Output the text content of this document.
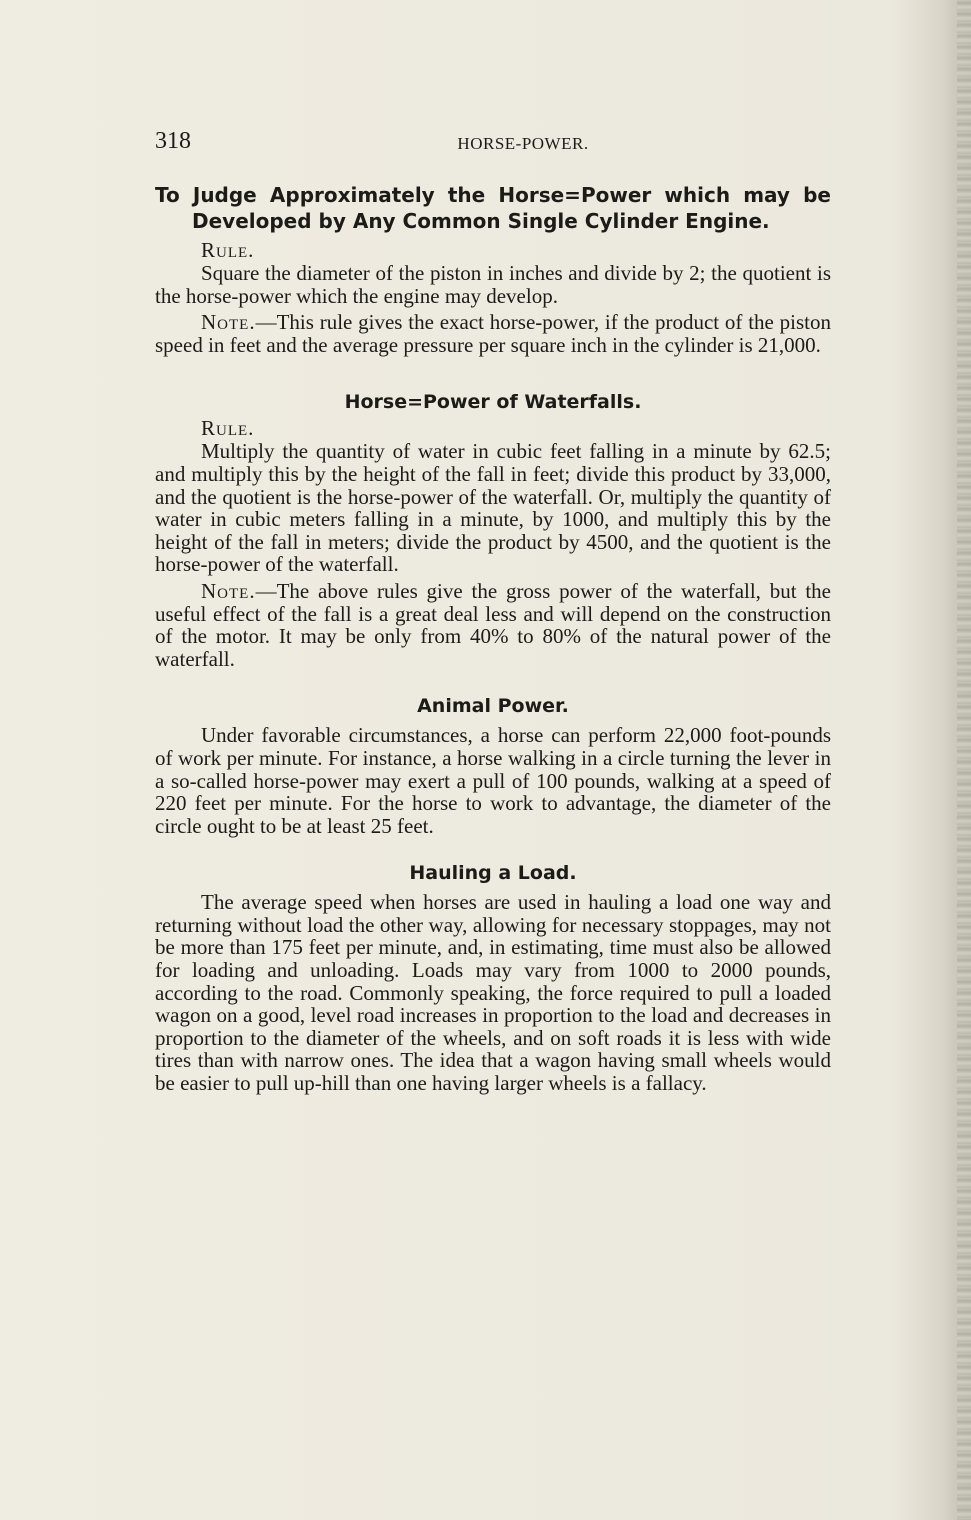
318	HORSE-POWER.
To Judge Approximately the Horse=Power which may be
Developed by Any Common Single Cylinder Engine.
Rule.

Square the diameter of the piston in inches and divide by 2; the quotient is the horse-power which the engine may develop.

Note.—This rule gives the exact horse-power, if the product of the piston speed in feet and the average pressure per square inch in the cylinder is 21,000.

Horse=Power of Waterfalls.
Rule.

Multiply the quantity of water in cubic feet falling in a minute by 62.5; and multiply this by the height of the fall in feet; divide this product by 33,000, and the quotient is the horse-power of the waterfall. Or, multiply the quantity of water in cubic meters falling in a minute, by 1000, and multiply this by the height of the fall in meters; divide the product by 4500, and the quotient is the horse-power of the waterfall.

Note.—The above rules give the gross power of the waterfall, but the useful effect of the fall is a great deal less and will depend on the construction of the motor. It may be only from 40% to 80% of the natural power of the waterfall.

Animal Power.

Under favorable circumstances, a horse can perform 22,000 foot-pounds of work per minute. For instance, a horse walking in a circle turning the lever in a so-called horse-power may exert a pull of 100 pounds, walking at a speed of 220 feet per minute. For the horse to work to advantage, the diameter of the circle ought to be at least 25 feet.

Hauling a Load.

The average speed when horses are used in hauling a load one way and returning without load the other way, allowing for necessary stoppages, may not be more than 175 feet per minute, and, in estimating, time must also be allowed for loading and unloading. Loads may vary from 1000 to 2000 pounds, according to the road. Commonly speaking, the force required to pull a loaded wagon on a good, level road increases in proportion to the load and decreases in proportion to the diameter of the wheels, and on soft roads it is less with wide tires than with narrow ones. The idea that a wagon having small wheels would be easier to pull up-hill than one having larger wheels is a fallacy.
